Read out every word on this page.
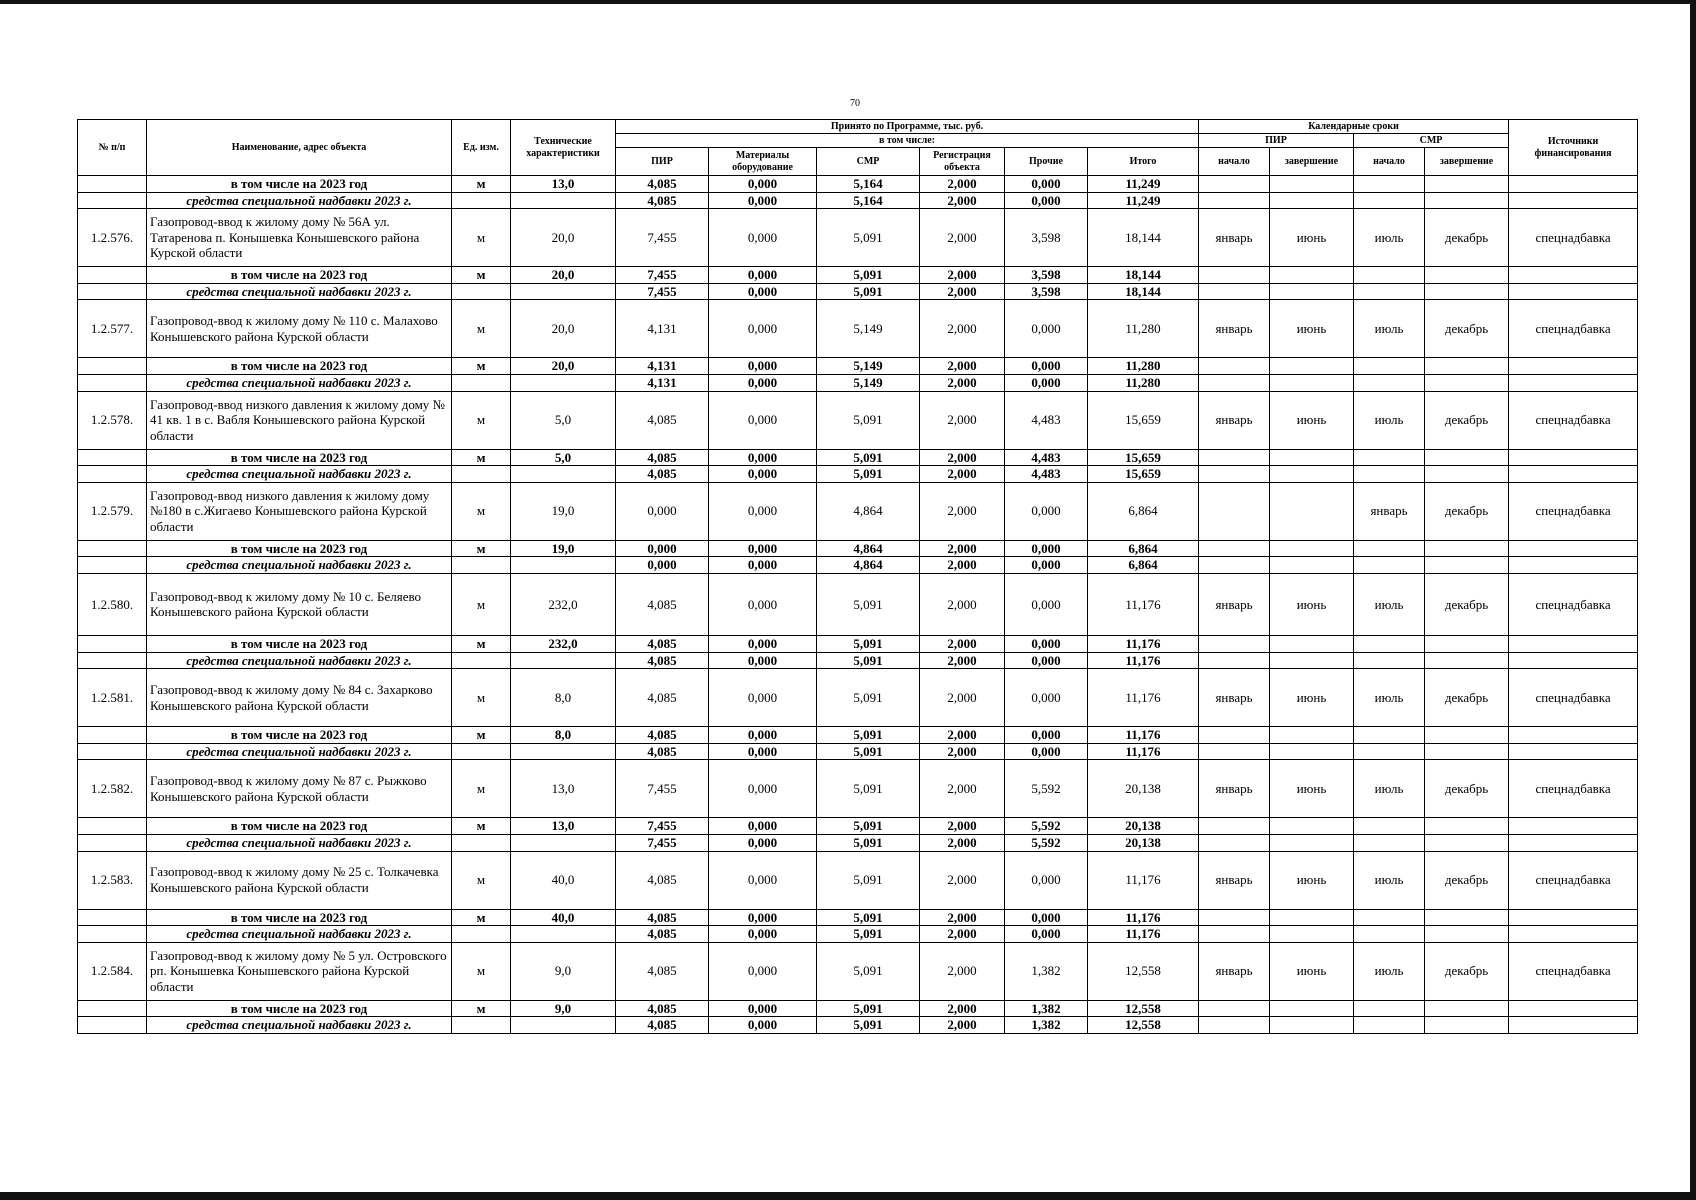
70
№ п/п	Наименование, адрес объекта	Ед. изм.	Технические характеристики	Принято по Программе, тыс. руб.						Календарные сроки				Источники финансирования
				в том числе:						ПИР		СМР		
				ПИР	Материалы оборудование	СМР	Регистрация объекта	Прочие	Итого	начало	завершение	начало	завершение	
	в том числе на 2023 год	м	13,0	4,085	0,000	5,164	2,000	0,000	11,249					
	средства специальной надбавки 2023 г.			4,085	0,000	5,164	2,000	0,000	11,249					
1.2.576.	Газопровод-ввод к жилому дому № 56А ул. Татаренова п. Конышевка Конышевского района Курской области	м	20,0	7,455	0,000	5,091	2,000	3,598	18,144	январь	июнь	июль	декабрь	спецнадбавка
	в том числе на 2023 год	м	20,0	7,455	0,000	5,091	2,000	3,598	18,144					
	средства специальной надбавки 2023 г.			7,455	0,000	5,091	2,000	3,598	18,144					
1.2.577.	Газопровод-ввод к жилому дому № 110 с. Малахово Конышевского района Курской области	м	20,0	4,131	0,000	5,149	2,000	0,000	11,280	январь	июнь	июль	декабрь	спецнадбавка
	в том числе на 2023 год	м	20,0	4,131	0,000	5,149	2,000	0,000	11,280					
	средства специальной надбавки 2023 г.			4,131	0,000	5,149	2,000	0,000	11,280					
1.2.578.	Газопровод-ввод низкого давления к жилому дому № 41 кв. 1 в с. Вабля Конышевского района Курской области	м	5,0	4,085	0,000	5,091	2,000	4,483	15,659	январь	июнь	июль	декабрь	спецнадбавка
	в том числе на 2023 год	м	5,0	4,085	0,000	5,091	2,000	4,483	15,659					
	средства специальной надбавки 2023 г.			4,085	0,000	5,091	2,000	4,483	15,659					
1.2.579.	Газопровод-ввод низкого давления к жилому дому №180 в с.Жигаево Конышевского района Курской области	м	19,0	0,000	0,000	4,864	2,000	0,000	6,864			январь	декабрь	спецнадбавка
	в том числе на 2023 год	м	19,0	0,000	0,000	4,864	2,000	0,000	6,864					
	средства специальной надбавки 2023 г.			0,000	0,000	4,864	2,000	0,000	6,864					
1.2.580.	Газопровод-ввод к жилому дому № 10 с. Беляево Конышевского района Курской области	м	232,0	4,085	0,000	5,091	2,000	0,000	11,176	январь	июнь	июль	декабрь	спецнадбавка
	в том числе на 2023 год	м	232,0	4,085	0,000	5,091	2,000	0,000	11,176					
	средства специальной надбавки 2023 г.			4,085	0,000	5,091	2,000	0,000	11,176					
1.2.581.	Газопровод-ввод к жилому дому № 84 с. Захарково Конышевского района Курской области	м	8,0	4,085	0,000	5,091	2,000	0,000	11,176	январь	июнь	июль	декабрь	спецнадбавка
	в том числе на 2023 год	м	8,0	4,085	0,000	5,091	2,000	0,000	11,176					
	средства специальной надбавки 2023 г.			4,085	0,000	5,091	2,000	0,000	11,176					
1.2.582.	Газопровод-ввод к жилому дому № 87 с. Рыжково Конышевского района Курской области	м	13,0	7,455	0,000	5,091	2,000	5,592	20,138	январь	июнь	июль	декабрь	спецнадбавка
	в том числе на 2023 год	м	13,0	7,455	0,000	5,091	2,000	5,592	20,138					
	средства специальной надбавки 2023 г.			7,455	0,000	5,091	2,000	5,592	20,138					
1.2.583.	Газопровод-ввод к жилому дому № 25 с. Толкачевка Конышевского района Курской области	м	40,0	4,085	0,000	5,091	2,000	0,000	11,176	январь	июнь	июль	декабрь	спецнадбавка
	в том числе на 2023 год	м	40,0	4,085	0,000	5,091	2,000	0,000	11,176					
	средства специальной надбавки 2023 г.			4,085	0,000	5,091	2,000	0,000	11,176					
1.2.584.	Газопровод-ввод к жилому дому № 5 ул. Островского рп. Конышевка Конышевского района Курской области	м	9,0	4,085	0,000	5,091	2,000	1,382	12,558	январь	июнь	июль	декабрь	спецнадбавка
	в том числе на 2023 год	м	9,0	4,085	0,000	5,091	2,000	1,382	12,558					
	средства специальной надбавки 2023 г.			4,085	0,000	5,091	2,000	1,382	12,558					
